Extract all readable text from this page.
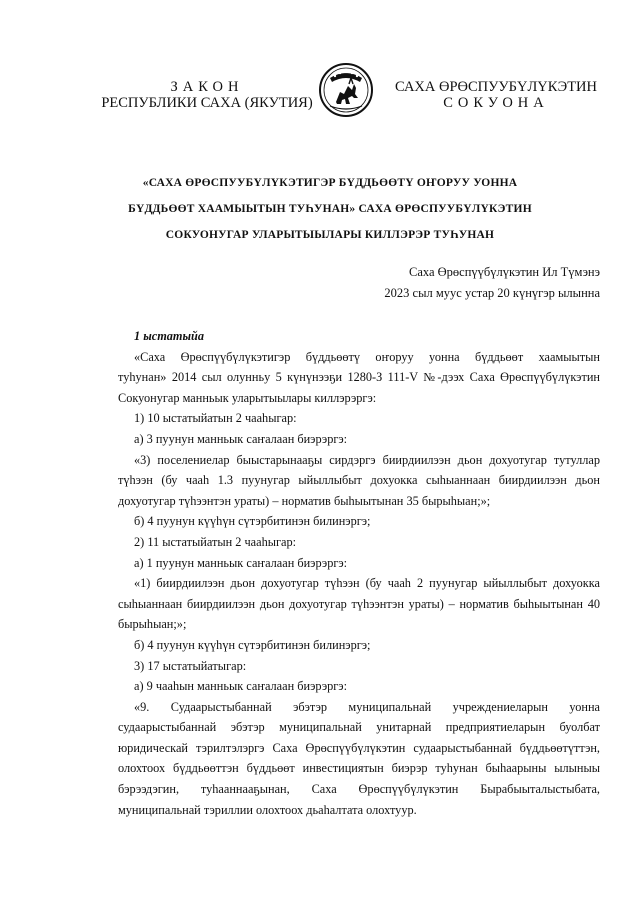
ЗАКОН
РЕСПУБЛИКИ САХА (ЯКУТИЯ)
САХА ӨРӨСПУУБҮЛҮКЭТИН
СОКУОНА
«САХА ӨРӨСПУУБҮЛҮКЭТИГЭР БҮДДЬӨӨТҮ ОҤОРУУ УОННА
БҮДДЬӨӨТ ХААМЫЫТЫН ТУҺУНАН» САХА ӨРӨСПУУБҮЛҮКЭТИН
СОКУОНУГАР УЛАРЫТЫЫЛАРЫ КИЛЛЭРЭР ТУҺУНАН
Саха Өрөспүүбүлүкэтин Ил Түмэнэ
2023 сыл муус устар 20 күнүгэр ылынна
1 ыстатыйа
«Саха Өрөспүүбүлүкэтигэр бүддьөөтү оҥоруу уонна бүддьөөт хаамыытын
туһунан» 2014 сыл олунньу 5 күнүнээҕи 1280-З 111-V №-дээх Саха Өрөспүүбүлүкэтин
Сокуонугар манньык уларытыылары киллэрэргэ:
1) 10 ыстатыйатын 2 чааһыгар:
а) 3 пуунун манньык саҥалаан биэрэргэ:
«3) поселениелар быыстарынааҕы сирдэргэ биирдиилээн дьон дохуотугар тутуллар
түһээн (бу чааһ 1.3 пуунугар ыйыллыбыт дохуокка сыһыаннаан биирдиилээн дьон
дохуотугар түһээнтэн ураты) – норматив быһыытынан 35 бырыһыан;»;
б) 4 пуунун күүһүн сүтэрбитинэн билинэргэ;
2) 11 ыстатыйатын 2 чааһыгар:
а) 1 пуунун манньык саҥалаан биэрэргэ:
«1) биирдиилээн дьон дохуотугар түһээн (бу чааһ 2 пуунугар ыйыллыбыт дохуокка
сыһыаннаан биирдиилээн дьон дохуотугар түһээнтэн ураты) – норматив быһыытынан 40
бырыһыан;»;
б) 4 пуунун күүһүн сүтэрбитинэн билинэргэ;
3) 17 ыстатыйатыгар:
а) 9 чааһын манньык саҥалаан биэрэргэ:
«9. Судаарыстыбаннай эбэтэр муниципальнай учреждениеларын уонна
судаарыстыбаннай эбэтэр муниципальнай унитарнай предприятиеларын буолбат
юридическай тэрилтэлэргэ Саха Өрөспүүбүлүкэтин судаарыстыбаннай бүддьөөтүттэн,
олохтоох бүддьөөттэн бүддьөөт инвестициятын биэрэр туһунан быһаарыны ылыныы
бэрээдэгин, туһааннааҕынан, Саха Өрөспүүбүлүкэтин Бырабыыталыстыбата,
муниципальнай тэриллии олохтоох дьаһалтата олохтуур.
